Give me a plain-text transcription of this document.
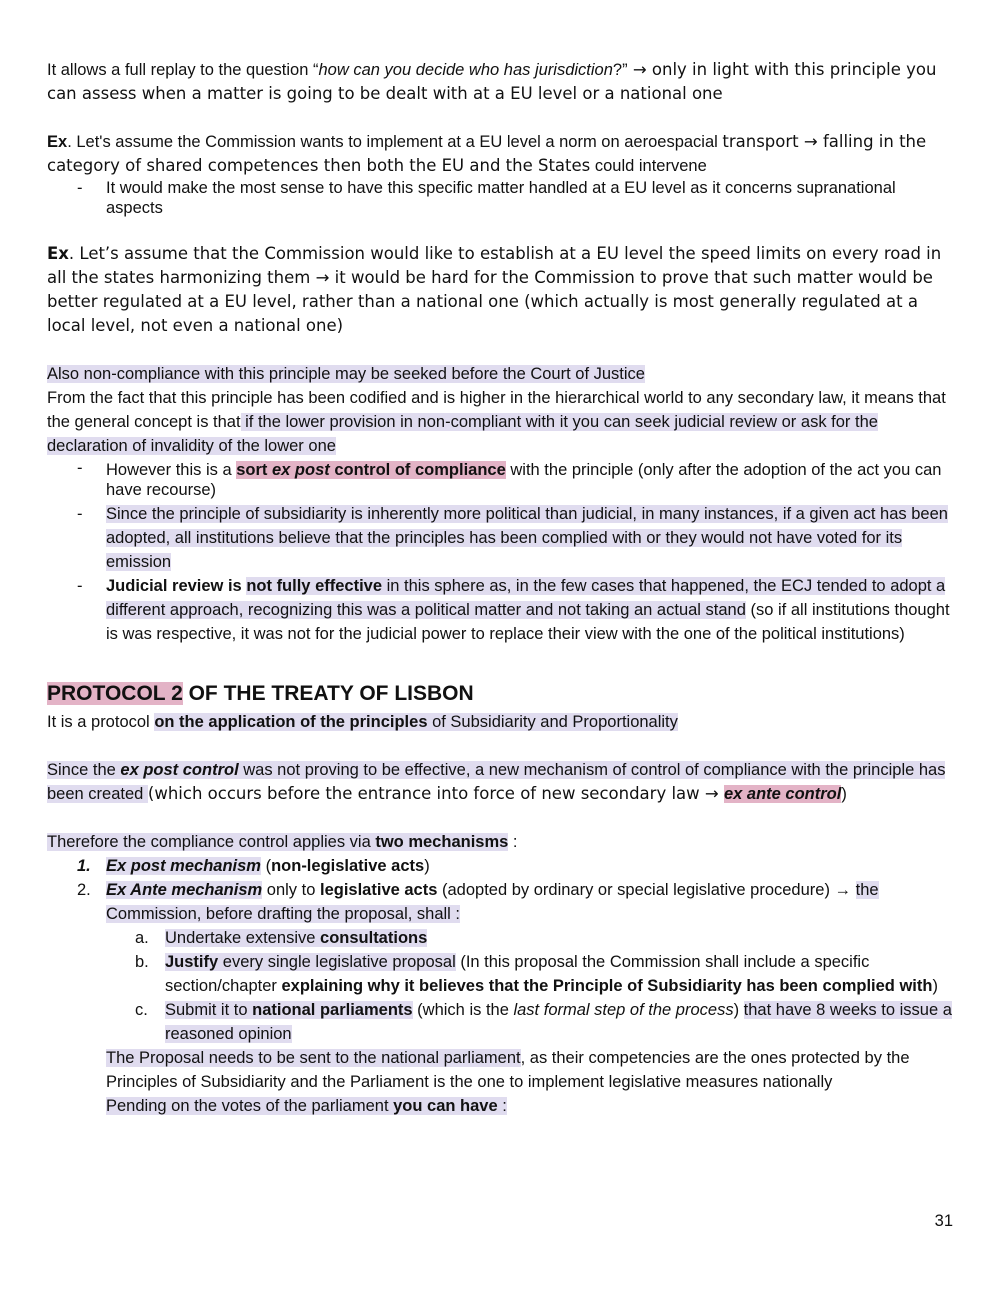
It allows a full replay to the question “how can you decide who has jurisdiction?” → only in light with this principle you can assess when a matter is going to be dealt with at a EU level or a national one

Ex. Let's assume the Commission wants to implement at a EU level a norm on aeroespacial transport → falling in the category of shared competences then both the EU and the States could intervene

- It would make the most sense to have this specific matter handled at a EU level as it concerns supranational aspects

Ex. Let’s assume that the Commission would like to establish at a EU level the speed limits on every road in all the states harmonizing them → it would be hard for the Commission to prove that such matter would be better regulated at a EU level, rather than a national one (which actually is most generally regulated at a local level, not even a national one)

Also non-compliance with this principle may be seeked before the Court of Justice

From the fact that this principle has been codified and is higher in the hierarchical world to any secondary law, it means that the general concept is that if the lower provision in non-compliant with it you can seek judicial review or ask for the declaration of invalidity of the lower one

- However this is a sort ex post control of compliance with the principle (only after the adoption of the act you can have recourse)
- Since the principle of subsidiarity is inherently more political than judicial, in many instances, if a given act has been adopted, all institutions believe that the principles has been complied with or they would not have voted for its emission
- Judicial review is not fully effective in this sphere as, in the few cases that happened, the ECJ tended to adopt a different approach, recognizing this was a political matter and not taking an actual stand (so if all institutions thought is was respective, it was not for the judicial power to replace their view with the one of the political institutions)
PROTOCOL 2 OF THE TREATY OF LISBON

It is a protocol on the application of the principles of Subsidiarity and Proportionality

Since the ex post control was not proving to be effective, a new mechanism of control of compliance with the principle has been created (which occurs before the entrance into force of new secondary law → ex ante control)

Therefore the compliance control applies via two mechanisms :

1. Ex post mechanism (non-legislative acts)
2. Ex Ante mechanism only to legislative acts (adopted by ordinary or special legislative procedure) → the Commission, before drafting the proposal, shall :
a. Undertake extensive consultations
b. Justify every single legislative proposal (In this proposal the Commission shall include a specific section/chapter explaining why it believes that the Principle of Subsidiarity has been complied with)
c. Submit it to national parliaments (which is the last formal step of the process) that have 8 weeks to issue a reasoned opinion

The Proposal needs to be sent to the national parliament, as their competencies are the ones protected by the Principles of Subsidiarity and the Parliament is the one to implement legislative measures nationally

Pending on the votes of the parliament you can have :

31
